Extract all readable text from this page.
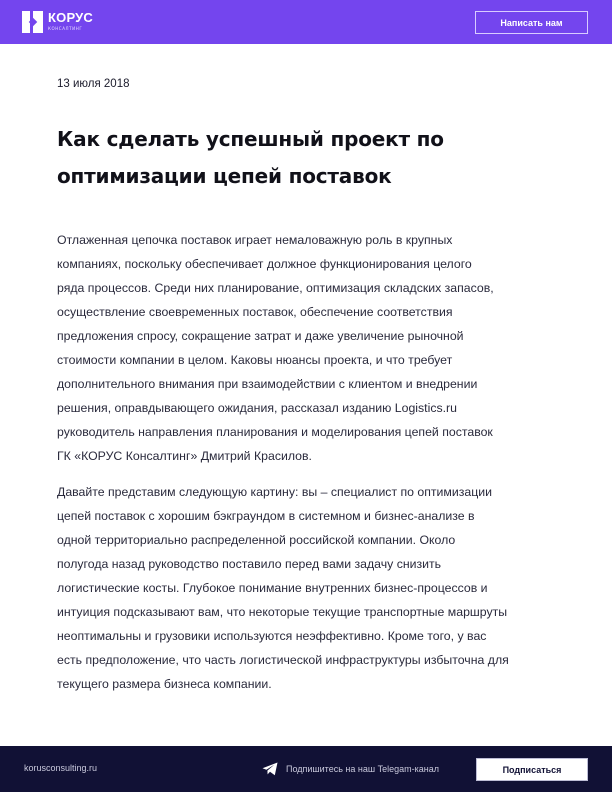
КОРУС
КОНСАЛТИНГ
Написать нам
13 июля 2018
Как сделать успешный проект по
оптимизации цепей поставок
Отлаженная цепочка поставок играет немаловажную роль в крупных
компаниях, поскольку обеспечивает должное функционирования целого
ряда процессов. Среди них планирование, оптимизация складских запасов,
осуществление своевременных поставок, обеспечение соответствия
предложения спросу, сокращение затрат и даже увеличение рыночной
стоимости компании в целом. Каковы нюансы проекта, и что требует
дополнительного внимания при взаимодействии с клиентом и внедрении
решения, оправдывающего ожидания, рассказал изданию Logistics.ru
руководитель направления планирования и моделирования цепей поставок
ГК «КОРУС Консалтинг» Дмитрий Красилов.
Давайте представим следующую картину: вы – специалист по оптимизации
цепей поставок с хорошим бэкграундом в системном и бизнес-анализе в
одной территориально распределенной российской компании. Около
полугода назад руководство поставило перед вами задачу снизить
логистические косты. Глубокое понимание внутренних бизнес-процессов и
интуиция подсказывают вам, что некоторые текущие транспортные маршруты
неоптимальны и грузовики используются неэффективно. Кроме того, у вас
есть предположение, что часть логистической инфраструктуры избыточна для
текущего размера бизнеса компании.
korusconsulting.ru	Подпишитесь на наш Telegam-канал	Подписаться
